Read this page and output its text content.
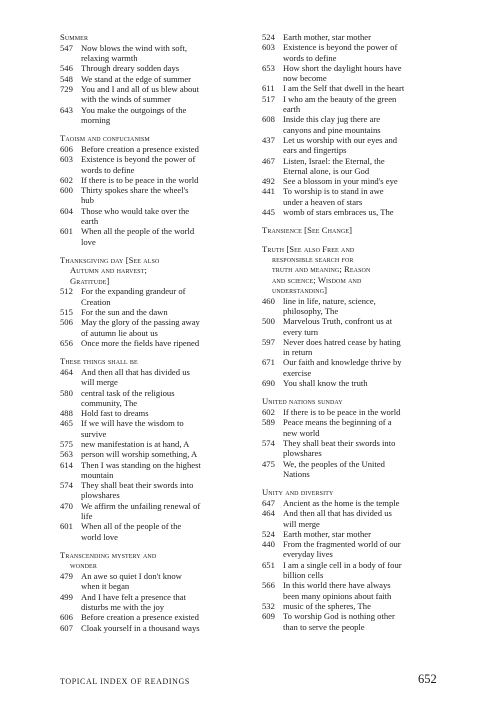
Summer
547 Now blows the wind with soft,
relaxing warmth
546 Through dreary sodden days
548 We stand at the edge of summer
729 You and I and all of us blew about
with the winds of summer
643 You make the outgoings of the
morning
Taoism and confucianism
606 Before creation a presence existed
603 Existence is beyond the power of
words to define
602 If there is to be peace in the world
600 Thirty spokes share the wheel's
hub
604 Those who would take over the
earth
601 When all the people of the world
love
Thanksgiving day [See also
Autumn and harvest;
Gratitude]
512 For the expanding grandeur of
Creation
515 For the sun and the dawn
506 May the glory of the passing away
of autumn lie about us
656 Once more the fields have ripened
These things shall be
464 And then all that has divided us
will merge
580 central task of the religious
community, The
488 Hold fast to dreams
465 If we will have the wisdom to
survive
575 new manifestation is at hand, A
563 person will worship something, A
614 Then I was standing on the highest
mountain
574 They shall beat their swords into
plowshares
470 We affirm the unfailing renewal of
life
601 When all of the people of the
world love
Transcending mystery and
wonder
479 An awe so quiet I don't know
when it began
499 And I have felt a presence that
disturbs me with the joy
606 Before creation a presence existed
607 Cloak yourself in a thousand ways
524 Earth mother, star mother
603 Existence is beyond the power of
words to define
653 How short the daylight hours have
now become
611 I am the Self that dwell in the heart
517 I who am the beauty of the green
earth
608 Inside this clay jug there are
canyons and pine mountains
437 Let us worship with our eyes and
ears and fingertips
467 Listen, Israel: the Eternal, the
Eternal alone, is our God
492 See a blossom in your mind's eye
441 To worship is to stand in awe
under a heaven of stars
445 womb of stars embraces us, The
Transience [See Change]
Truth [See also Free and
responsible search for
truth and meaning; Reason
and science; Wisdom and
understanding]
460 line in life, nature, science,
philosophy, The
500 Marvelous Truth, confront us at
every turn
597 Never does hatred cease by hating
in return
671 Our faith and knowledge thrive by
exercise
690 You shall know the truth
United nations sunday
602 If there is to be peace in the world
589 Peace means the beginning of a
new world
574 They shall beat their swords into
plowshares
475 We, the peoples of the United
Nations
Unity and diversity
647 Ancient as the home is the temple
464 And then all that has divided us
will merge
524 Earth mother, star mother
440 From the fragmented world of our
everyday lives
651 I am a single cell in a body of four
billion cells
566 In this world there have always
been many opinions about faith
532 music of the spheres, The
609 To worship God is nothing other
than to serve the people
TOPICAL INDEX OF READINGS	652
